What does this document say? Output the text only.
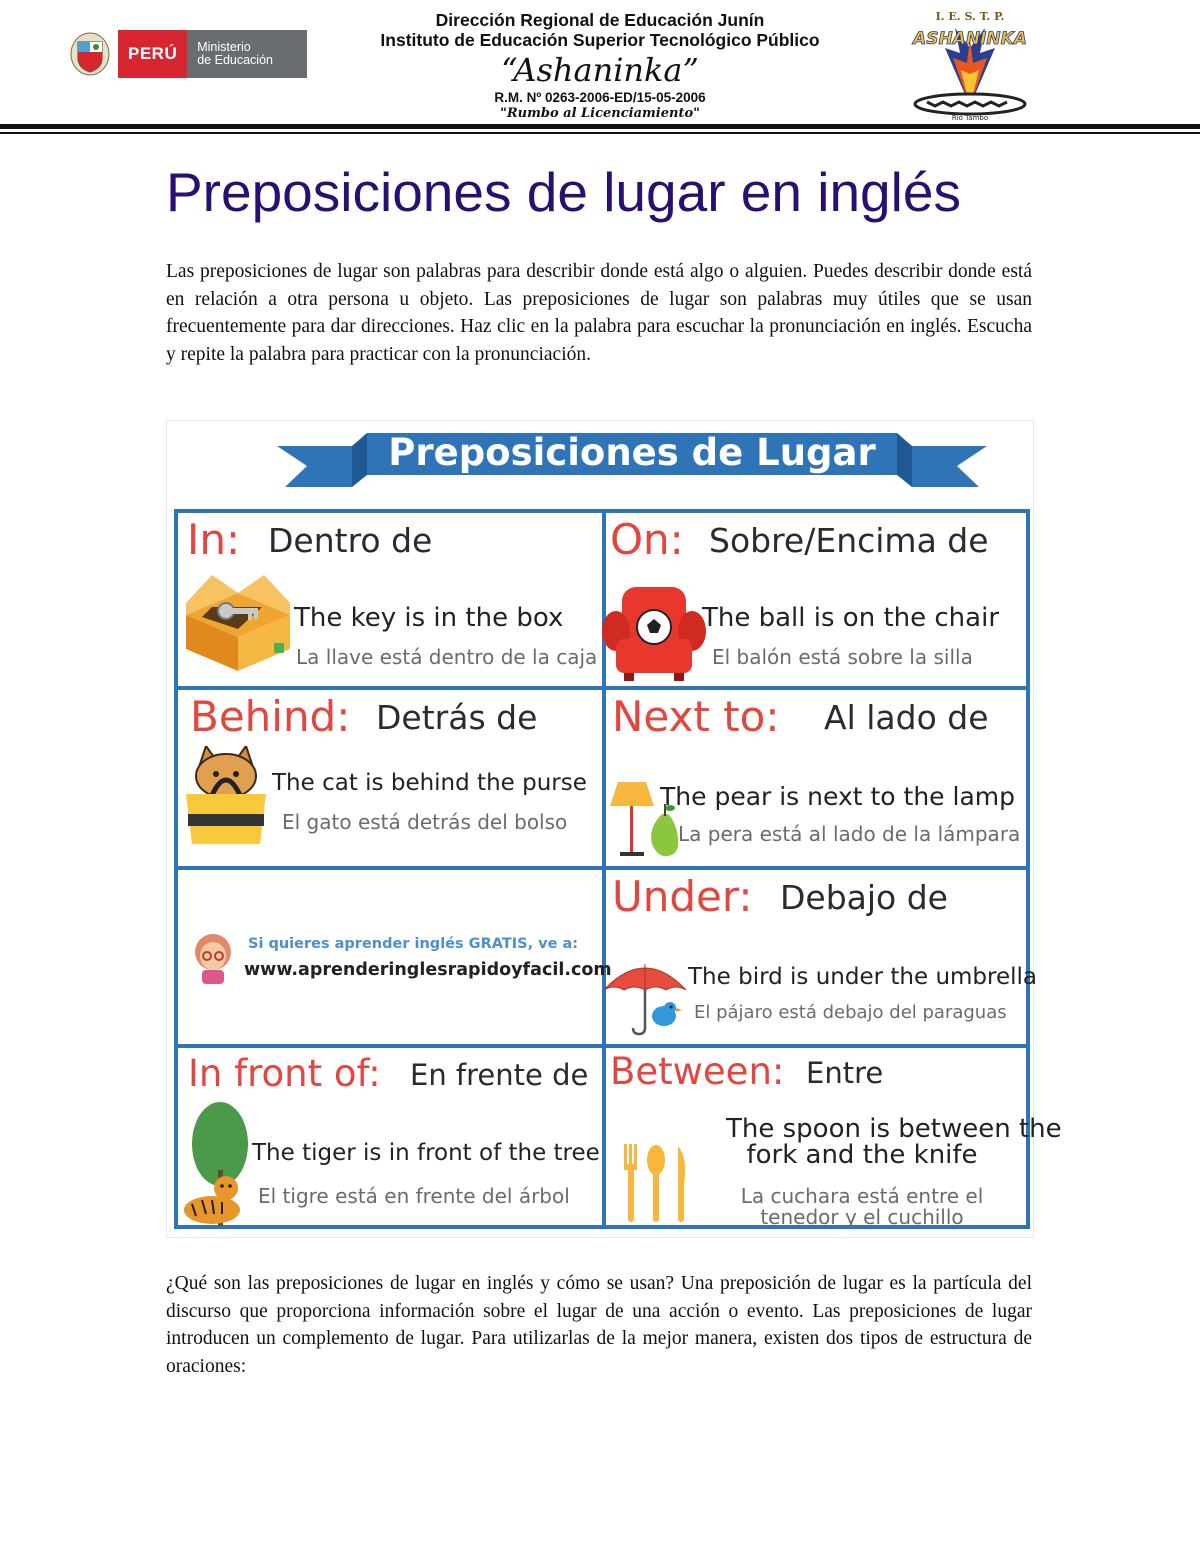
PERÚ	Ministerio
de Educación
Dirección Regional de Educación Junín
Instituto de Educación Superior Tecnológico Público
“Ashaninka”
R.M. Nº 0263-2006-ED/15-05-2006
"Rumbo al Licenciamiento"
I. E. S. T. P.
ASHANINKA
Río Tambo
Preposiciones de lugar en inglés
Las preposiciones de lugar son palabras para describir donde está algo o alguien. Puedes describir donde está en relación a otra persona u objeto. Las preposiciones de lugar son palabras muy útiles que se usan frecuentemente para dar direcciones. Haz clic en la palabra para escuchar la pronunciación en inglés. Escucha y repite la palabra para practicar con la pronunciación.
Preposiciones de Lugar
In: Dentro de
The key is in the box
La llave está dentro de la caja
On: Sobre/Encima de
The ball is on the chair
El balón está sobre la silla
Behind: Detrás de
The cat is behind the purse
El gato está detrás del bolso
Next to: Al lado de
The pear is next to the lamp
La pera está al lado de la lámpara
Si quieres aprender inglés GRATIS, ve a:
www.aprenderinglesrapidoyfacil.com
Under: Debajo de
The bird is under the umbrella
El pájaro está debajo del paraguas
In front of: En frente de
The tiger is in front of the tree
El tigre está en frente del árbol
Between: Entre
The spoon is between the
fork and the knife
La cuchara está entre el
tenedor y el cuchillo
¿Qué son las preposiciones de lugar en inglés y cómo se usan? Una preposición de lugar es la partícula del discurso que proporciona información sobre el lugar de una acción o evento. Las preposiciones de lugar introducen un complemento de lugar. Para utilizarlas de la mejor manera, existen dos tipos de estructura de oraciones:
